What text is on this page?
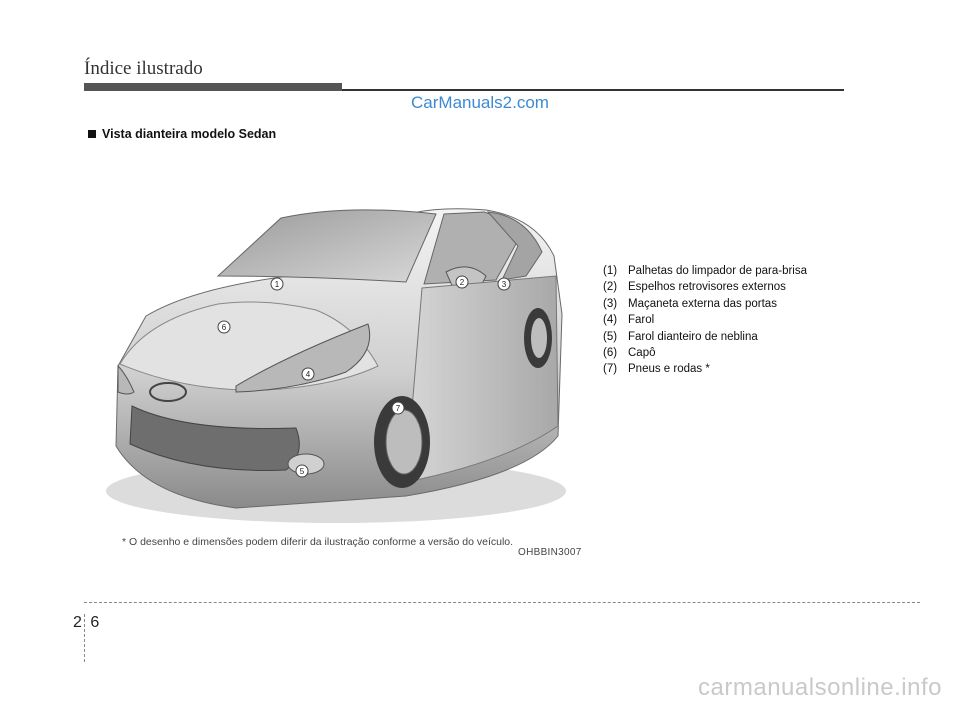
Índice ilustrado
CarManuals2.com
Vista dianteira modelo Sedan
1	2	3
4
5
6
7
* O desenho e dimensões podem diferir da ilustração conforme a versão do veículo.
OHBBIN3007
(1) Palhetas do limpador de para-brisa
(2) Espelhos retrovisores externos
(3) Maçaneta externa das portas
(4) Farol
(5) Farol dianteiro de neblina
(6) Capô
(7) Pneus e rodas *
2 6
carmanualsonline.info
